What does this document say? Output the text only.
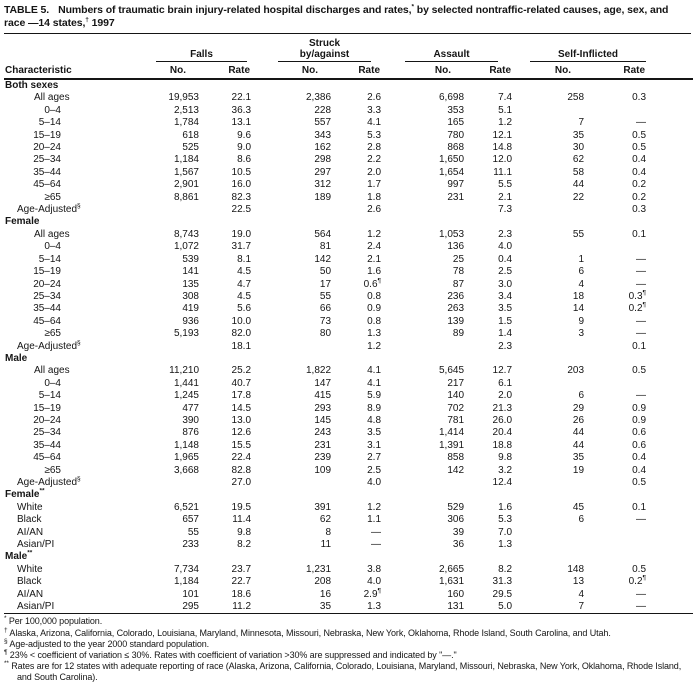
TABLE 5. Numbers of traumatic brain injury-related hospital discharges and rates,* by selected nontraffic-related causes, age, sex, and race —14 states,† 1997

	Falls		Struck
by/against		Assault		Self-Inflicted		

Characteristic	No.	Rate	No.	Rate	No.	Rate	No.	Rate	
Both sexes									
All ages	19,953	22.1	2,386	2.6	6,698	7.4	258	0.3	
0–4	2,513	36.3	228	3.3	353	5.1			
5–14	1,784	13.1	557	4.1	165	1.2	7	—	
15–19	618	9.6	343	5.3	780	12.1	35	0.5	
20–24	525	9.0	162	2.8	868	14.8	30	0.5	
25–34	1,184	8.6	298	2.2	1,650	12.0	62	0.4	
35–44	1,567	10.5	297	2.0	1,654	11.1	58	0.4	
45–64	2,901	16.0	312	1.7	997	5.5	44	0.2	
≥65	8,861	82.3	189	1.8	231	2.1	22	0.2	
Age-Adjusted§		22.5		2.6		7.3		0.3	
Female									
All ages	8,743	19.0	564	1.2	1,053	2.3	55	0.1	
0–4	1,072	31.7	81	2.4	136	4.0			
5–14	539	8.1	142	2.1	25	0.4	1	—	
15–19	141	4.5	50	1.6	78	2.5	6	—	
20–24	135	4.7	17	0.6¶	87	3.0	4	—	
25–34	308	4.5	55	0.8	236	3.4	18	0.3¶	
35–44	419	5.6	66	0.9	263	3.5	14	0.2¶	
45–64	936	10.0	73	0.8	139	1.5	9	—	
≥65	5,193	82.0	80	1.3	89	1.4	3	—	
Age-Adjusted§		18.1		1.2		2.3		0.1	
Male									
All ages	11,210	25.2	1,822	4.1	5,645	12.7	203	0.5	
0–4	1,441	40.7	147	4.1	217	6.1			
5–14	1,245	17.8	415	5.9	140	2.0	6	—	
15–19	477	14.5	293	8.9	702	21.3	29	0.9	
20–24	390	13.0	145	4.8	781	26.0	26	0.9	
25–34	876	12.6	243	3.5	1,414	20.4	44	0.6	
35–44	1,148	15.5	231	3.1	1,391	18.8	44	0.6	
45–64	1,965	22.4	239	2.7	858	9.8	35	0.4	
≥65	3,668	82.8	109	2.5	142	3.2	19	0.4	
Age-Adjusted§		27.0		4.0		12.4		0.5	
Female**
White	6,521	19.5	391	1.2	529	1.6	45	0.1	
Black	657	11.4	62	1.1	306	5.3	6	—	
AI/AN	55	9.8	8	—	39	7.0			
Asian/PI	233	8.2	11	—	36	1.3			
Male**
White	7,734	23.7	1,231	3.8	2,665	8.2	148	0.5	
Black	1,184	22.7	208	4.0	1,631	31.3	13	0.2¶	
AI/AN	101	18.6	16	2.9¶	160	29.5	4	—	
Asian/PI	295	11.2	35	1.3	131	5.0	7	—	
* Per 100,000 population.
† Alaska, Arizona, California, Colorado, Louisiana, Maryland, Minnesota, Missouri, Nebraska, New York, Oklahoma, Rhode Island, South Carolina, and Utah.
§ Age-adjusted to the year 2000 standard population.
¶ 23% < coefficient of variation ≤ 30%. Rates with coefficient of variation >30% are suppressed and indicated by "—."
** Rates are for 12 states with adequate reporting of race (Alaska, Arizona, California, Colorado, Louisiana, Maryland, Missouri, Nebraska, New York, Oklahoma, Rhode Island, and South Carolina).
